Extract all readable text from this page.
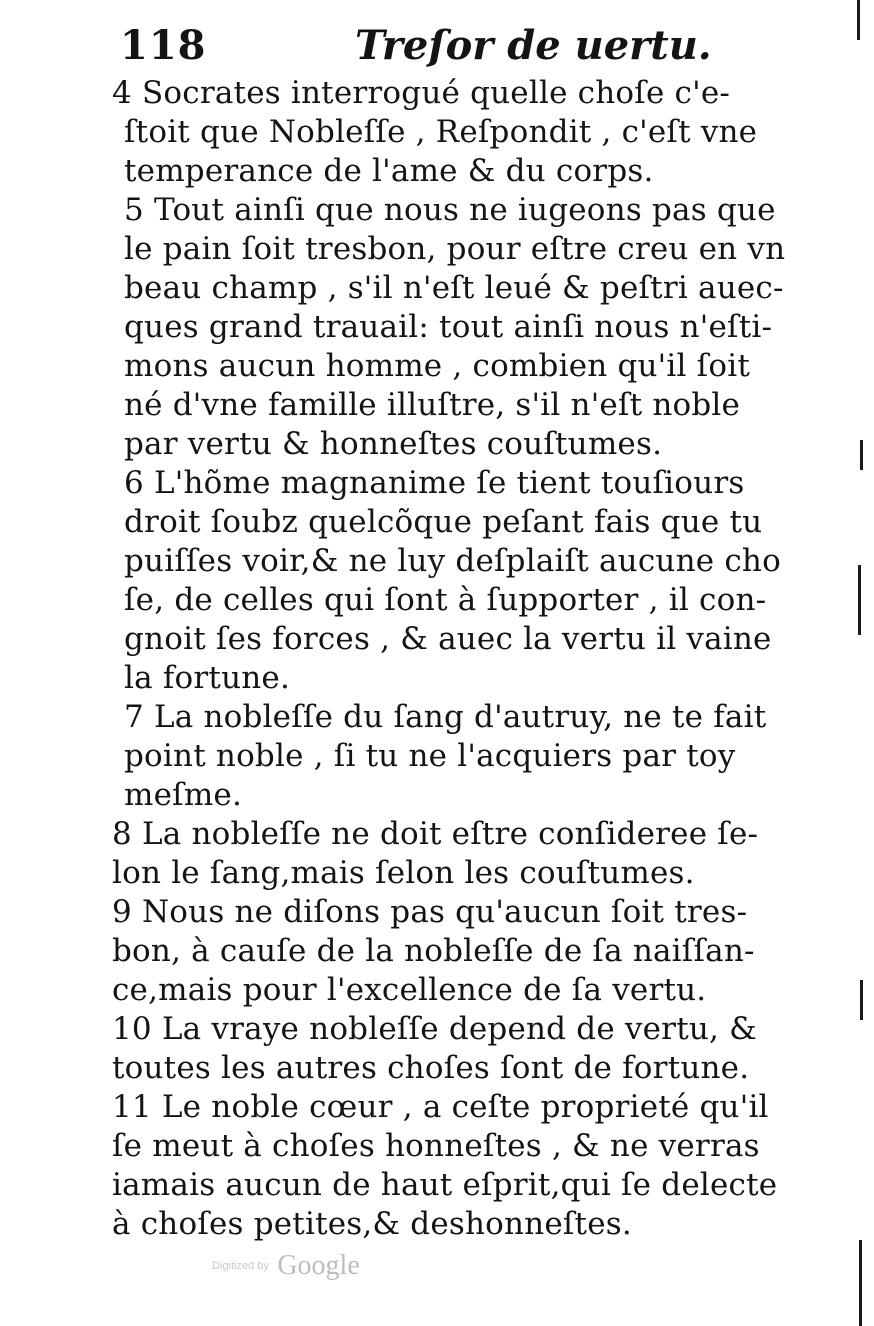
118	Treſor de uertu.
4 Socrates interrogué quelle choſe c'e-
ſtoit que Nobleſſe , Reſpondit , c'eſt vne
temperance de l'ame & du corps.
5 Tout ainſi que nous ne iugeons pas que
le pain ſoit tresbon, pour eſtre creu en vn
beau champ , s'il n'eſt leué & peſtri auec-
ques grand trauail: tout ainſi nous n'eſti-
mons aucun homme , combien qu'il ſoit
né d'vne famille illuſtre, s'il n'eſt noble
par vertu & honneſtes couſtumes.
6 L'hõme magnanime ſe tient touſiours
droit ſoubz quelcõque peſant fais que tu
puiſſes voir,& ne luy deſplaiſt aucune cho
ſe, de celles qui ſont à ſupporter , il con-
gnoit ſes forces , & auec la vertu il vaine
la fortune.
7 La nobleſſe du ſang d'autruy, ne te fait
point noble , ſi tu ne l'acquiers par toy
meſme.
8 La nobleſſe ne doit eſtre conſideree ſe-
lon le ſang,mais ſelon les couſtumes.
9 Nous ne diſons pas qu'aucun ſoit tres-
bon, à cauſe de la nobleſſe de ſa naiſſan-
ce,mais pour l'excellence de ſa vertu.
10 La vraye nobleſſe depend de vertu, &
toutes les autres choſes ſont de fortune.
11 Le noble cœur , a ceſte proprieté qu'il
ſe meut à choſes honneſtes , & ne verras
iamais aucun de haut eſprit,qui ſe delecte
à choſes petites,& deshonneſtes.
Digitized by Google
